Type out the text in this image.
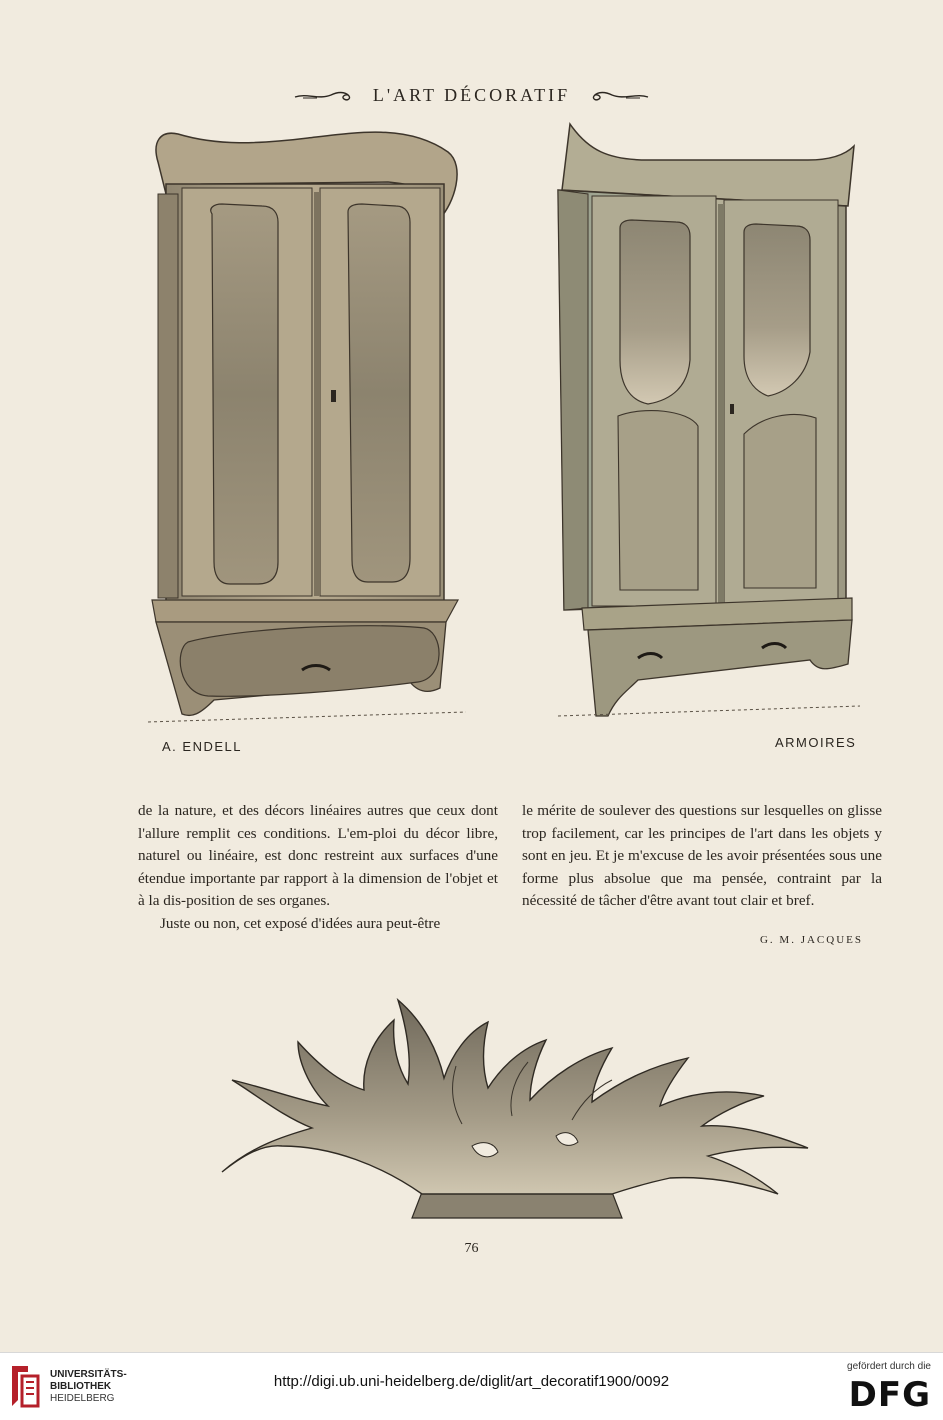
L'ART DÉCORATIF
A. ENDELL	ARMOIRES

de la nature, et des décors linéaires autres que ceux dont l'allure remplit ces conditions. L'em-ploi du décor libre, naturel ou linéaire, est donc restreint aux surfaces d'une étendue importante par rapport à la dimension de l'objet et à la dis-position de ses organes.

Juste ou non, cet exposé d'idées aura peut-être

le mérite de soulever des questions sur lesquelles on glisse trop facilement, car les principes de l'art dans les objets y sont en jeu. Et je m'excuse de les avoir présentées sous une forme plus absolue que ma pensée, contraint par la nécessité de tâcher d'être avant tout clair et bref.

G. M. JACQUES
76
UNIVERSITÄTS-
BIBLIOTHEK
HEIDELBERG
http://digi.ub.uni-heidelberg.de/diglit/art_decoratif1900/0092
gefördert durch die
DFG
